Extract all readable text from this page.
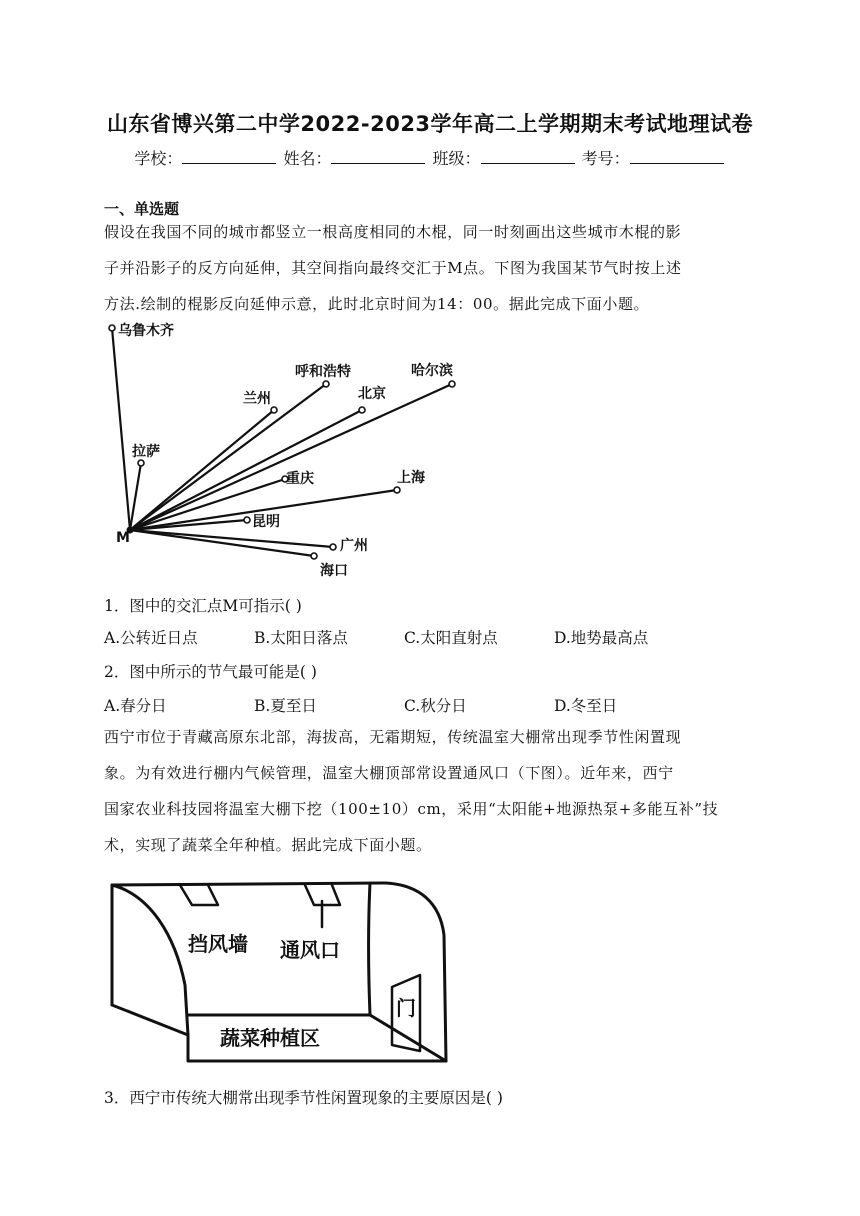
山东省博兴第二中学2022-2023学年高二上学期期末考试地理试卷
学校：	姓名：	班级：	考号：
一、单选题
假设在我国不同的城市都竖立一根高度相同的木棍，同一时刻画出这些城市木棍的影
子并沿影子的反方向延伸，其空间指向最终交汇于M点。下图为我国某节气时按上述
方法.绘制的棍影反向延伸示意，此时北京时间为14：00。据此完成下面小题。
M
乌鲁木齐
拉萨
兰州
呼和浩特
北京
哈尔滨
重庆	上海
昆明
广州
海口
1．图中的交汇点M可指示( )
A.公转近日点	B.太阳日落点	C.太阳直射点	D.地势最高点
2．图中所示的节气最可能是( )
A.春分日	B.夏至日	C.秋分日	D.冬至日
西宁市位于青藏高原东北部，海拔高，无霜期短，传统温室大棚常出现季节性闲置现
象。为有效进行棚内气候管理，温室大棚顶部常设置通风口（下图）。近年来，西宁
国家农业科技园将温室大棚下挖（100±10）cm，采用“太阳能+地源热泵+多能互补”技
术，实现了蔬菜全年种植。据此完成下面小题。
挡风墙 通风口
门
蔬菜种植区
3．西宁市传统大棚常出现季节性闲置现象的主要原因是( )
